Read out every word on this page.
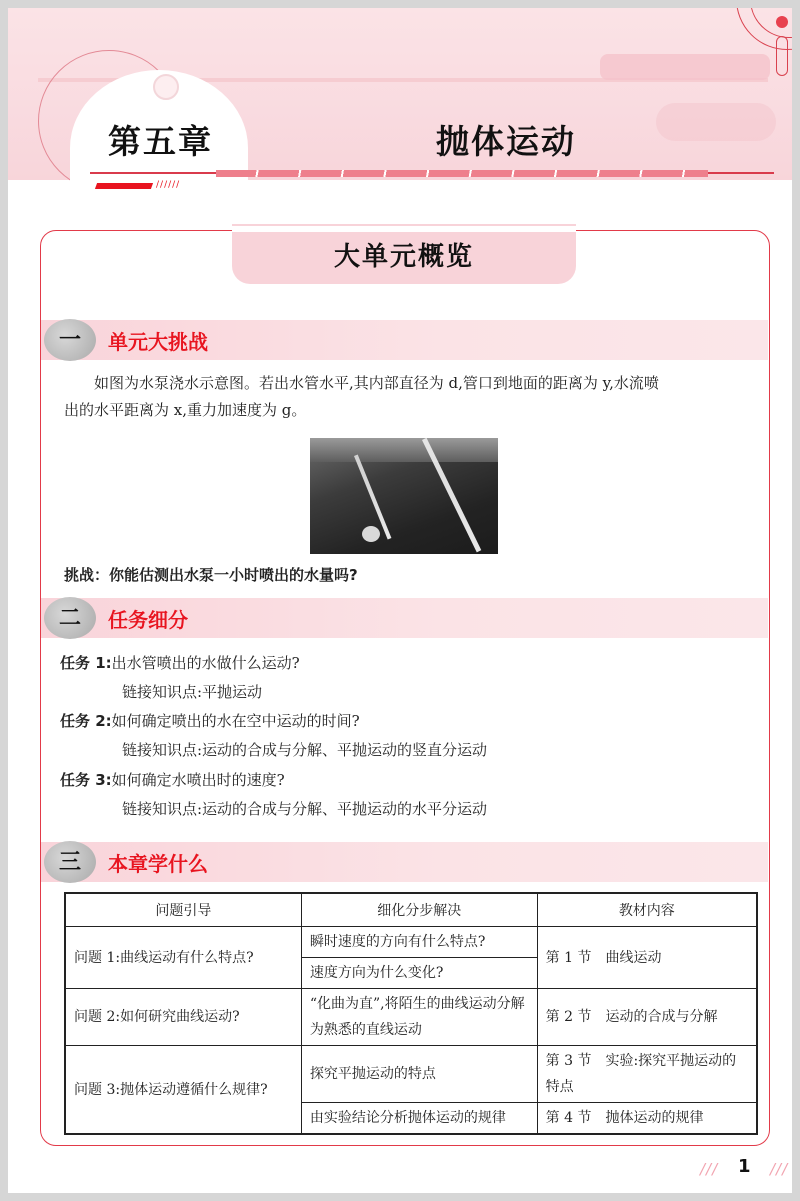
第五章	抛体运动
//////
大单元概览
一	单元大挑战
如图为水泵浇水示意图。若出水管水平,其内部直径为 d,管口到地面的距离为 y,水流喷
出的水平距离为 x,重力加速度为 g。
挑战：你能估测出水泵一小时喷出的水量吗?
二	任务细分
任务 1:出水管喷出的水做什么运动?
链接知识点:平抛运动
任务 2:如何确定喷出的水在空中运动的时间?
链接知识点:运动的合成与分解、平抛运动的竖直分运动
任务 3:如何确定水喷出时的速度?
链接知识点:运动的合成与分解、平抛运动的水平分运动
三	本章学什么
问题引导	细化分步解决	教材内容
问题 1:曲线运动有什么特点?	瞬时速度的方向有什么特点?	第 1 节　曲线运动
	速度方向为什么变化?	
问题 2:如何研究曲线运动?	“化曲为直”,将陌生的曲线运动分解为熟悉的直线运动	第 2 节　运动的合成与分解
问题 3:抛体运动遵循什么规律?	探究平抛运动的特点	第 3 节　实验:探究平抛运动的特点
	由实验结论分析抛体运动的规律	第 4 节　抛体运动的规律
/// 1 ///
